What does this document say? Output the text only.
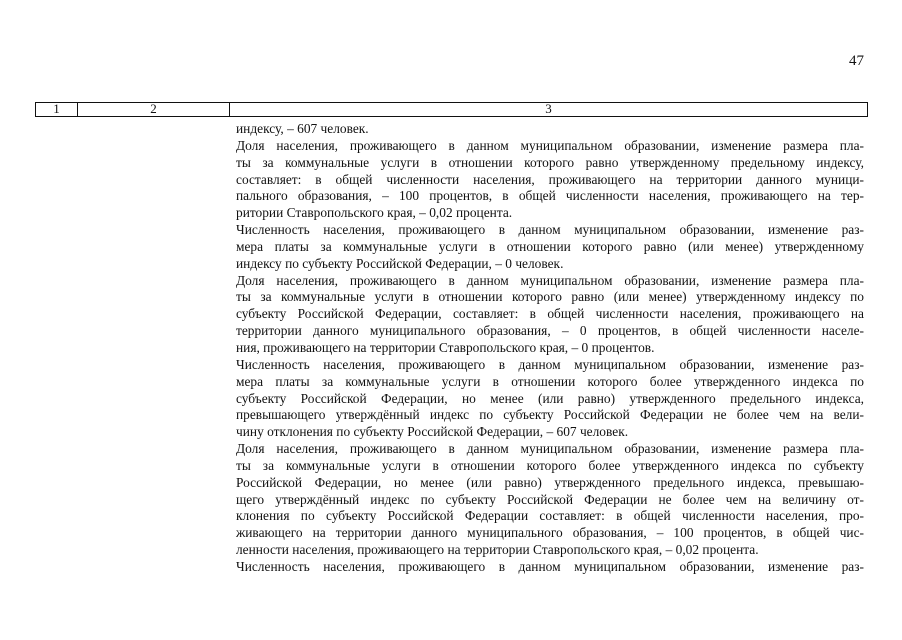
47
1	2	3
индексу, – 607 человек.
Доля населения, проживающего в данном муниципальном образовании, изменение размера пла-
ты за коммунальные услуги в отношении которого равно утвержденному предельному индексу,
составляет: в общей численности населения, проживающего на территории данного муници-
пального образования, – 100 процентов, в общей численности населения, проживающего на тер-
ритории Ставропольского края, – 0,02 процента.
Численность населения, проживающего в данном муниципальном образовании, изменение раз-
мера платы за коммунальные услуги в отношении которого равно (или менее) утвержденному
индексу по субъекту Российской Федерации, – 0 человек.
Доля населения, проживающего в данном муниципальном образовании, изменение размера пла-
ты за коммунальные услуги в отношении которого равно (или менее) утвержденному индексу по
субъекту Российской Федерации, составляет: в общей численности населения, проживающего на
территории данного муниципального образования, – 0 процентов, в общей численности населе-
ния, проживающего на территории Ставропольского края, – 0 процентов.
Численность населения, проживающего в данном муниципальном образовании, изменение раз-
мера платы за коммунальные услуги в отношении которого более утвержденного индекса по
субъекту Российской Федерации, но менее (или равно) утвержденного предельного индекса,
превышающего утверждённый индекс по субъекту Российской Федерации не более чем на вели-
чину отклонения по субъекту Российской Федерации, – 607 человек.
Доля населения, проживающего в данном муниципальном образовании, изменение размера пла-
ты за коммунальные услуги в отношении которого более утвержденного индекса по субъекту
Российской Федерации, но менее (или равно) утвержденного предельного индекса, превышаю-
щего утверждённый индекс по субъекту Российской Федерации не более чем на величину от-
клонения по субъекту Российской Федерации составляет: в общей численности населения, про-
живающего на территории данного муниципального образования, – 100 процентов, в общей чис-
ленности населения, проживающего на территории Ставропольского края, – 0,02 процента.
Численность населения, проживающего в данном муниципальном образовании, изменение раз-
